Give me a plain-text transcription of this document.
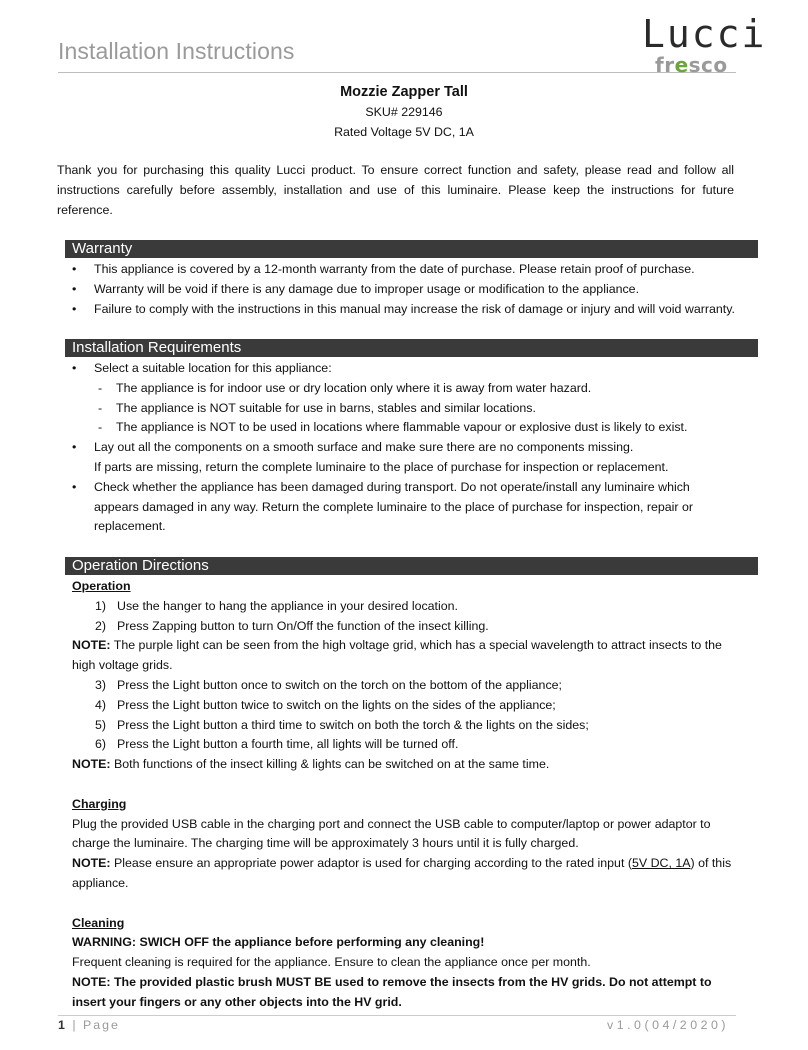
Installation Instructions	Lucci
fresco
Mozzie Zapper Tall
SKU# 229146
Rated Voltage 5V DC, 1A
Thank you for purchasing this quality Lucci product. To ensure correct function and safety, please read and follow all instructions carefully before assembly, installation and use of this luminaire. Please keep the instructions for future reference.
Warranty
• This appliance is covered by a 12-month warranty from the date of purchase. Please retain proof of purchase.
• Warranty will be void if there is any damage due to improper usage or modification to the appliance.
• Failure to comply with the instructions in this manual may increase the risk of damage or injury and will void warranty.
Installation Requirements
• Select a suitable location for this appliance:
- The appliance is for indoor use or dry location only where it is away from water hazard.
- The appliance is NOT suitable for use in barns, stables and similar locations.
- The appliance is NOT to be used in locations where flammable vapour or explosive dust is likely to exist.
• Lay out all the components on a smooth surface and make sure there are no components missing.
If parts are missing, return the complete luminaire to the place of purchase for inspection or replacement.
• Check whether the appliance has been damaged during transport. Do not operate/install any luminaire which
appears damaged in any way. Return the complete luminaire to the place of purchase for inspection, repair or
replacement.
Operation Directions
Operation
1) Use the hanger to hang the appliance in your desired location.
2) Press Zapping button to turn On/Off the function of the insect killing.
NOTE: The purple light can be seen from the high voltage grid, which has a special wavelength to attract insects to the
high voltage grids.
3) Press the Light button once to switch on the torch on the bottom of the appliance;
4) Press the Light button twice to switch on the lights on the sides of the appliance;
5) Press the Light button a third time to switch on both the torch & the lights on the sides;
6) Press the Light button a fourth time, all lights will be turned off.
NOTE: Both functions of the insect killing & lights can be switched on at the same time.
Charging
Plug the provided USB cable in the charging port and connect the USB cable to computer/laptop or power adaptor to
charge the luminaire. The charging time will be approximately 3 hours until it is fully charged.
NOTE: Please ensure an appropriate power adaptor is used for charging according to the rated input (5V DC, 1A) of this
appliance.
Cleaning
WARNING: SWICH OFF the appliance before performing any cleaning!
Frequent cleaning is required for the appliance. Ensure to clean the appliance once per month.
NOTE: The provided plastic brush MUST BE used to remove the insects from the HV grids. Do not attempt to
insert your fingers or any other objects into the HV grid.
1 | Page	v1.0(04/2020)
